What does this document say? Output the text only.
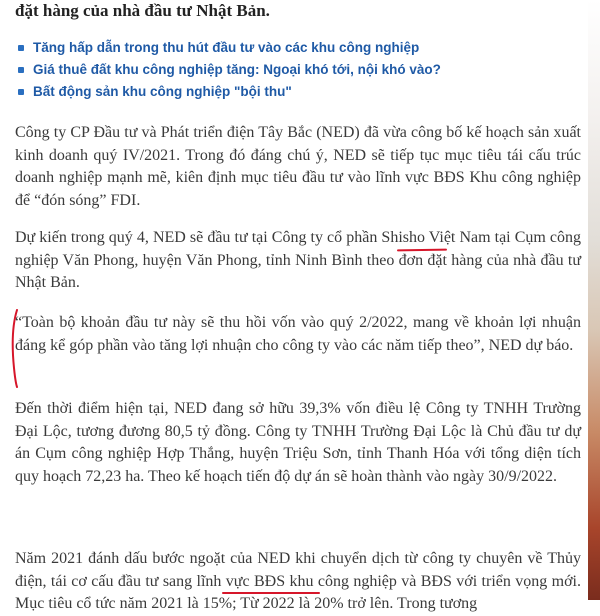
đặt hàng của nhà đầu tư Nhật Bản.
Tăng hấp dẫn trong thu hút đầu tư vào các khu công nghiệp
Giá thuê đất khu công nghiệp tăng: Ngoại khó tới, nội khó vào?
Bất động sản khu công nghiệp "bội thu"
Công ty CP Đầu tư và Phát triển điện Tây Bắc (NED) đã vừa công bố kế hoạch sản xuất kinh doanh quý IV/2021. Trong đó đáng chú ý, NED sẽ tiếp tục mục tiêu tái cấu trúc doanh nghiệp mạnh mẽ, kiên định mục tiêu đầu tư vào lĩnh vực BĐS Khu công nghiệp để “đón sóng” FDI.
Dự kiến trong quý 4, NED sẽ đầu tư tại Công ty cổ phần Shisho Việt Nam tại Cụm công nghiệp Văn Phong, huyện Văn Phong, tỉnh Ninh Bình theo đơn đặt hàng của nhà đầu tư Nhật Bản.
“Toàn bộ khoản đầu tư này sẽ thu hồi vốn vào quý 2/2022, mang về khoản lợi nhuận đáng kể góp phần vào tăng lợi nhuận cho công ty vào các năm tiếp theo”, NED dự báo.
Đến thời điểm hiện tại, NED đang sở hữu 39,3% vốn điều lệ Công ty TNHH Trường Đại Lộc, tương đương 80,5 tỷ đồng. Công ty TNHH Trường Đại Lộc là Chủ đầu tư dự án Cụm công nghiệp Hợp Thắng, huyện Triệu Sơn, tỉnh Thanh Hóa với tổng diện tích quy hoạch 72,23 ha. Theo kế hoạch tiến độ dự án sẽ hoàn thành vào ngày 30/9/2022.
Năm 2021 đánh dấu bước ngoặt của NED khi chuyển dịch từ công ty chuyên về Thủy điện, tái cơ cấu đầu tư sang lĩnh vực BĐS khu công nghiệp và BĐS với triển vọng mới. Mục tiêu cổ tức năm 2021 là 15%; Từ 2022 là 20% trở lên. Trong tương
